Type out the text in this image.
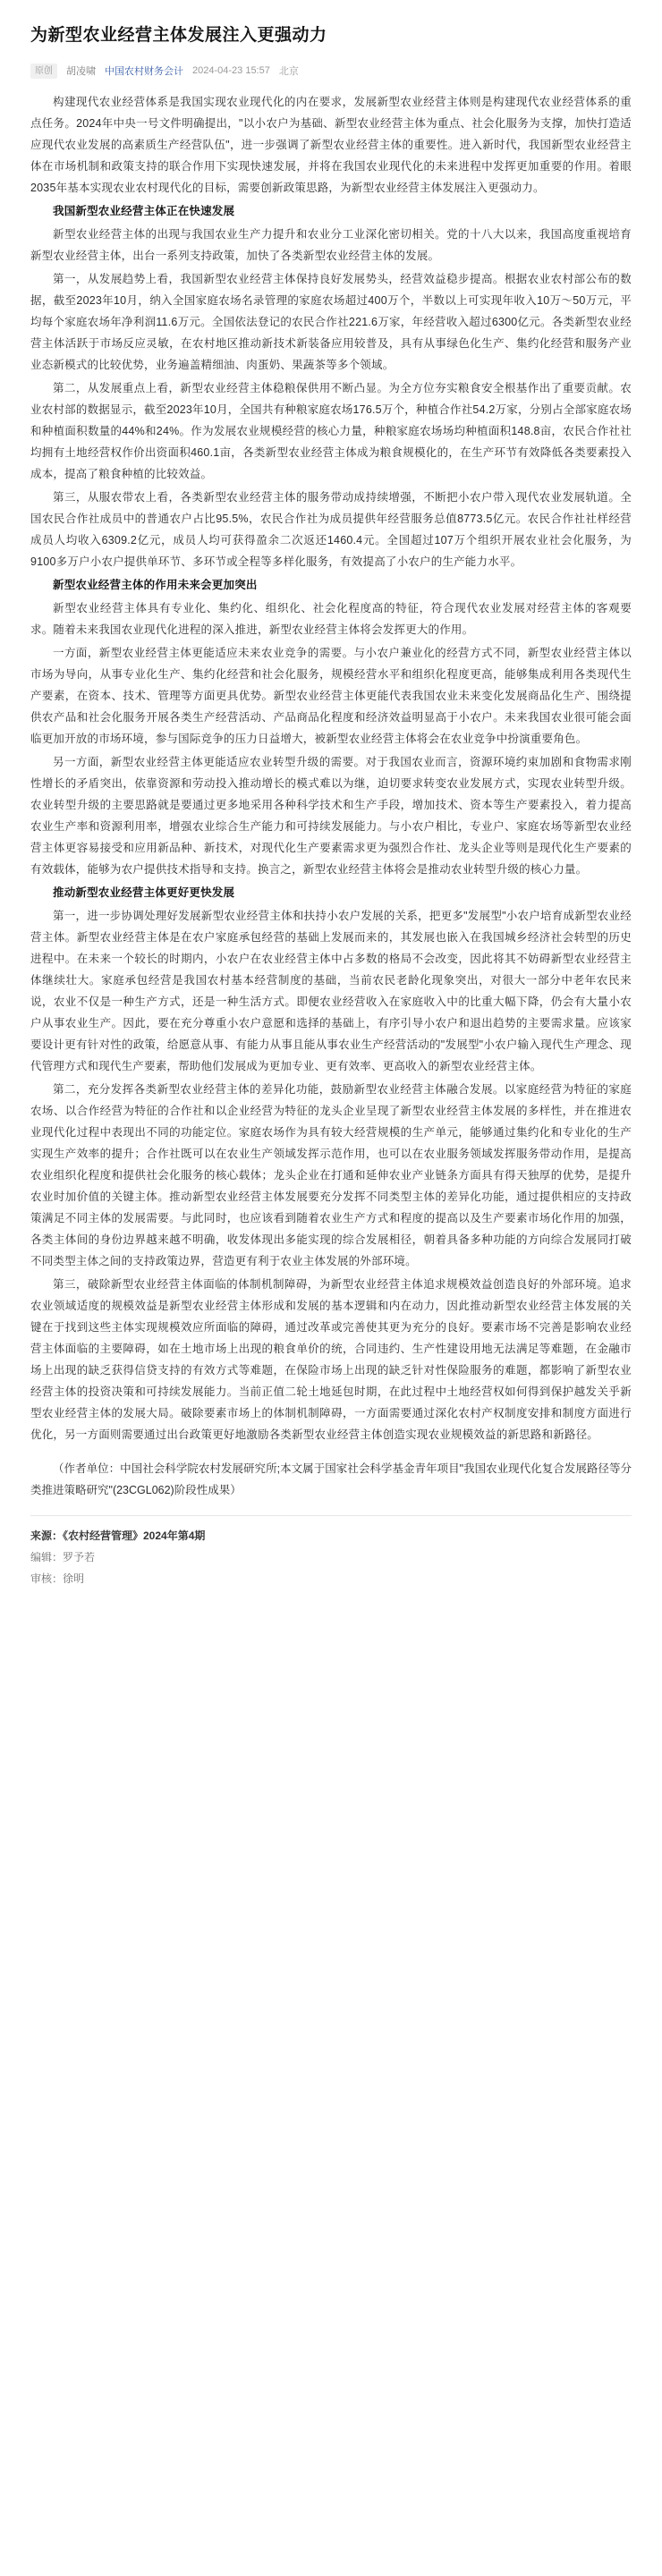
为新型农业经营主体发展注入更强动力
原创	胡凌啸 中国农村财务会计 2024-04-23 15:57 北京

构建现代农业经营体系是我国实现农业现代化的内在要求，发展新型农业经营主体则是构建现代农业经营体系的重点任务。2024年中央一号文件明确提出，"以小农户为基础、新型农业经营主体为重点、社会化服务为支撑，加快打造适应现代农业发展的高素质生产经营队伍"，进一步强调了新型农业经营主体的重要性。进入新时代，我国新型农业经营主体在市场机制和政策支持的联合作用下实现快速发展，并将在我国农业现代化的未来进程中发挥更加重要的作用。着眼2035年基本实现农业农村现代化的目标，需要创新政策思路，为新型农业经营主体发展注入更强动力。

我国新型农业经营主体正在快速发展

新型农业经营主体的出现与我国农业生产力提升和农业分工业深化密切相关。党的十八大以来，我国高度重视培育新型农业经营主体，出台一系列支持政策，加快了各类新型农业经营主体的发展。

第一，从发展趋势上看，我国新型农业经营主体保持良好发展势头，经营效益稳步提高。根据农业农村部公布的数据，截至2023年10月，纳入全国家庭农场名录管理的家庭农场超过400万个，半数以上可实现年收入10万～50万元，平均每个家庭农场年净利润11.6万元。全国依法登记的农民合作社221.6万家，年经营收入超过6300亿元。各类新型农业经营主体活跃于市场反应灵敏，在农村地区推动新技术新装备应用较普及，具有从事绿色化生产、集约化经营和服务产业业态新模式的比较优势，业务遍盖精细油、肉蛋奶、果蔬茶等多个领域。

第二，从发展重点上看，新型农业经营主体稳粮保供用不断凸显。为全方位夯实粮食安全根基作出了重要贡献。农业农村部的数据显示，截至2023年10月，全国共有种粮家庭农场176.5万个，种植合作社54.2万家，分别占全部家庭农场和种植面积数量的44%和24%。作为发展农业规模经营的核心力量，种粮家庭农场场均种植面积148.8亩，农民合作社社均拥有土地经营权作价出资面积460.1亩，各类新型农业经营主体成为粮食规模化的，在生产环节有效降低各类要素投入成本，提高了粮食种植的比较效益。

第三，从服农带农上看，各类新型农业经营主体的服务带动成持续增强，不断把小农户带入现代农业发展轨道。全国农民合作社成员中的普通农户占比95.5%，农民合作社为成员提供年经营服务总值8773.5亿元。农民合作社社样经营成员人均收入6309.2亿元，成员人均可获得盈余二次返还1460.4元。全国超过107万个组织开展农业社会化服务，为9100多万户小农户提供单环节、多环节或全程等多样化服务，有效提高了小农户的生产能力水平。

新型农业经营主体的作用未来会更加突出

新型农业经营主体具有专业化、集约化、组织化、社会化程度高的特征，符合现代农业发展对经营主体的客观要求。随着未来我国农业现代化进程的深入推进，新型农业经营主体将会发挥更大的作用。

一方面，新型农业经营主体更能适应未来农业竞争的需要。与小农户兼业化的经营方式不同，新型农业经营主体以市场为导向，从事专业化生产、集约化经营和社会化服务，规模经营水平和组织化程度更高，能够集成利用各类现代生产要素，在资本、技术、管理等方面更具优势。新型农业经营主体更能代表我国农业未来变化发展商品化生产、围绕提供农产品和社会化服务开展各类生产经营活动、产品商品化程度和经济效益明显高于小农户。未来我国农业很可能会面临更加开放的市场环境，参与国际竞争的压力日益增大，被新型农业经营主体将会在农业竞争中扮演重要角色。

另一方面，新型农业经营主体更能适应农业转型升级的需要。对于我国农业而言，资源环境约束加剧和食物需求刚性增长的矛盾突出，依靠资源和劳动投入推动增长的模式难以为继，迫切要求转变农业发展方式，实现农业转型升级。农业转型升级的主要思路就是要通过更多地采用各种科学技术和生产手段，增加技术、资本等生产要素投入，着力提高农业生产率和资源利用率，增强农业综合生产能力和可持续发展能力。与小农户相比，专业户、家庭农场等新型农业经营主体更容易接受和应用新品种、新技术，对现代化生产要素需求更为强烈合作社、龙头企业等则是现代化生产要素的有效载体，能够为农户提供技术指导和支持。换言之，新型农业经营主体将会是推动农业转型升级的核心力量。

推动新型农业经营主体更好更快发展

第一，进一步协调处理好发展新型农业经营主体和扶持小农户发展的关系，把更多"发展型"小农户培育成新型农业经营主体。新型农业经营主体是在农户家庭承包经营的基础上发展而来的，其发展也嵌入在我国城乡经济社会转型的历史进程中。在未来一个较长的时期内，小农户在农业经营主体中占多数的格局不会改变，因此将其不妨碍新型农业经营主体继续壮大。家庭承包经营是我国农村基本经营制度的基础，当前农民老龄化现象突出，对很大一部分中老年农民来说，农业不仅是一种生产方式，还是一种生活方式。即便农业经营收入在家庭收入中的比重大幅下降，仍会有大量小农户从事农业生产。因此，要在充分尊重小农户意愿和选择的基础上，有序引导小农户和退出趋势的主要需求量。应该家要设计更有针对性的政策，给愿意从事、有能力从事且能从事农业生产经营活动的"发展型"小农户输入现代生产理念、现代管理方式和现代生产要素，帮助他们发展成为更加专业、更有效率、更高收入的新型农业经营主体。

第二，充分发挥各类新型农业经营主体的差异化功能，鼓励新型农业经营主体融合发展。以家庭经营为特征的家庭农场、以合作经营为特征的合作社和以企业经营为特征的龙头企业呈现了新型农业经营主体发展的多样性，并在推进农业现代化过程中表现出不同的功能定位。家庭农场作为具有较大经营规模的生产单元，能够通过集约化和专业化的生产实现生产效率的提升；合作社既可以在农业生产领域发挥示范作用，也可以在农业服务领域发挥服务带动作用，是提高农业组织化程度和提供社会化服务的核心载体；龙头企业在打通和延伸农业产业链条方面具有得天独厚的优势，是提升农业时加价值的关键主体。推动新型农业经营主体发展要充分发挥不同类型主体的差异化功能，通过提供相应的支持政策满足不同主体的发展需要。与此同时，也应该看到随着农业生产方式和程度的提高以及生产要素市场化作用的加强，各类主体间的身份边界越来越不明确，收发体现出多能实现的综合发展相径，朝着具备多种功能的方向综合发展同打破不同类型主体之间的支持政策边界，营造更有利于农业主体发展的外部环境。

第三，破除新型农业经营主体面临的体制机制障碍，为新型农业经营主体追求规模效益创造良好的外部环境。追求农业领域适度的规模效益是新型农业经营主体形成和发展的基本逻辑和内在动力，因此推动新型农业经营主体发展的关键在于找到这些主体实现规模效应所面临的障碍，通过改革或完善使其更为充分的良好。要素市场不完善是影响农业经营主体面临的主要障碍，如在土地市场上出现的粮食单价的统，合同违约、生产性建设用地无法满足等难题，在金融市场上出现的缺乏获得信贷支持的有效方式等难题，在保险市场上出现的缺乏针对性保险服务的难题，都影响了新型农业经营主体的投资决策和可持续发展能力。当前正值二轮土地延包时期，在此过程中土地经营权如何得到保护越发关乎新型农业经营主体的发展大局。破除要素市场上的体制机制障碍，一方面需要通过深化农村产权制度安排和制度方面进行优化，另一方面则需要通过出台政策更好地激励各类新型农业经营主体创造实现农业规模效益的新思路和新路径。

（作者单位：中国社会科学院农村发展研究所;本文属于国家社会科学基金青年项目"我国农业现代化复合发展路径等分类推进策略研究"(23CGL062)阶段性成果）

来源：《农村经营管理》2024年第4期

编辑：罗予若

审核：徐明
